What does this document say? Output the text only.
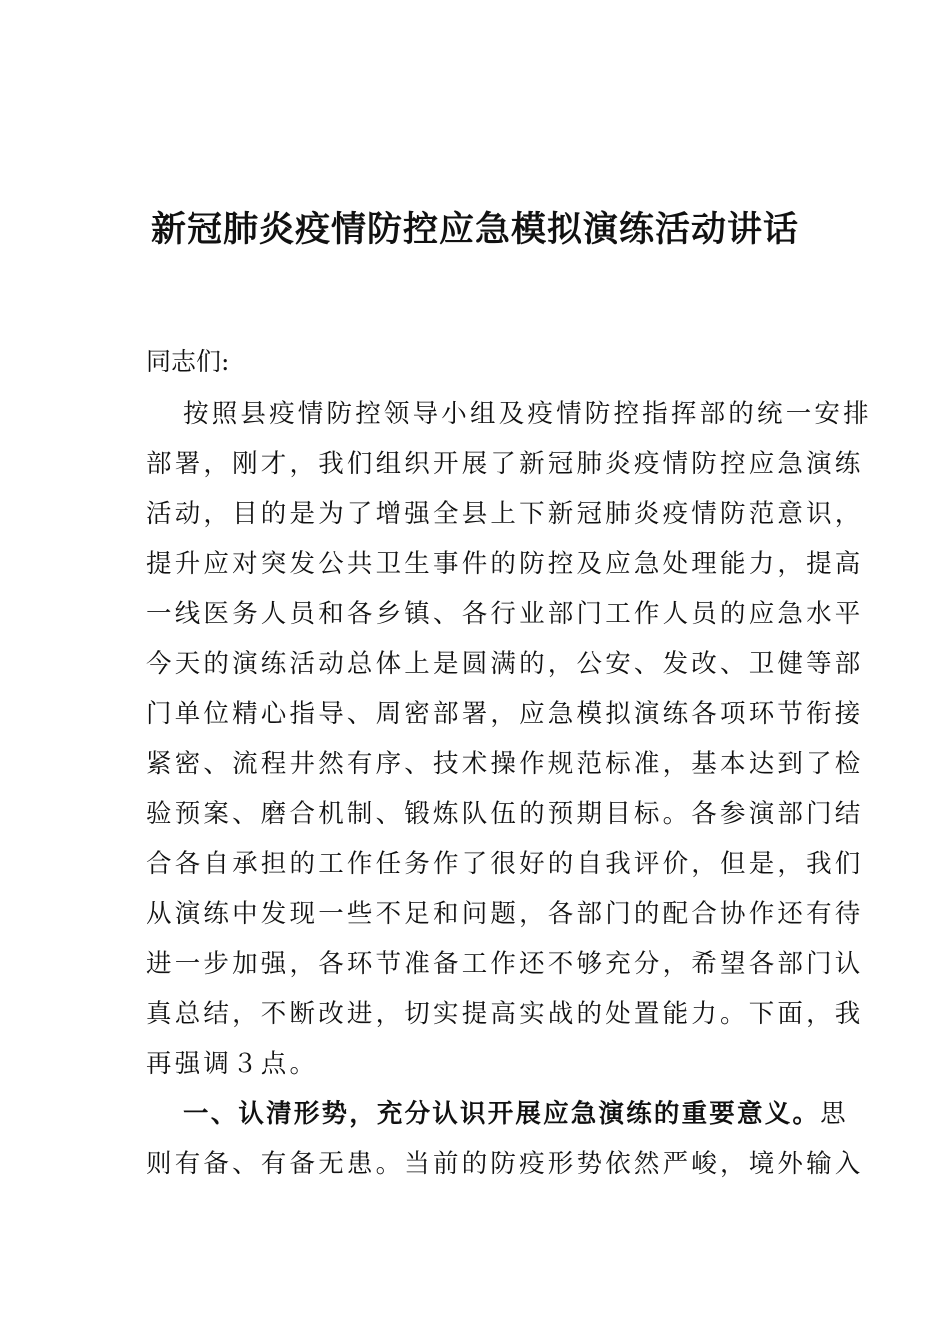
新冠肺炎疫情防控应急模拟演练活动讲话
同志们:
按照县疫情防控领导小组及疫情防控指挥部的统一安排
部署，刚才，我们组织开展了新冠肺炎疫情防控应急演练
活动，目的是为了增强全县上下新冠肺炎疫情防范意识，
提升应对突发公共卫生事件的防控及应急处理能力，提高
一线医务人员和各乡镇、各行业部门工作人员的应急水平
今天的演练活动总体上是圆满的，公安、发改、卫健等部
门单位精心指导、周密部署，应急模拟演练各项环节衔接
紧密、流程井然有序、技术操作规范标准，基本达到了检
验预案、磨合机制、锻炼队伍的预期目标。各参演部门结
合各自承担的工作任务作了很好的自我评价，但是，我们
从演练中发现一些不足和问题，各部门的配合协作还有待
进一步加强，各环节准备工作还不够充分，希望各部门认
真总结，不断改进，切实提高实战的处置能力。下面，我
再强调３点。
一、认清形势，充分认识开展应急演练的重要意义。思
则有备、有备无患。当前的防疫形势依然严峻，境外输入
